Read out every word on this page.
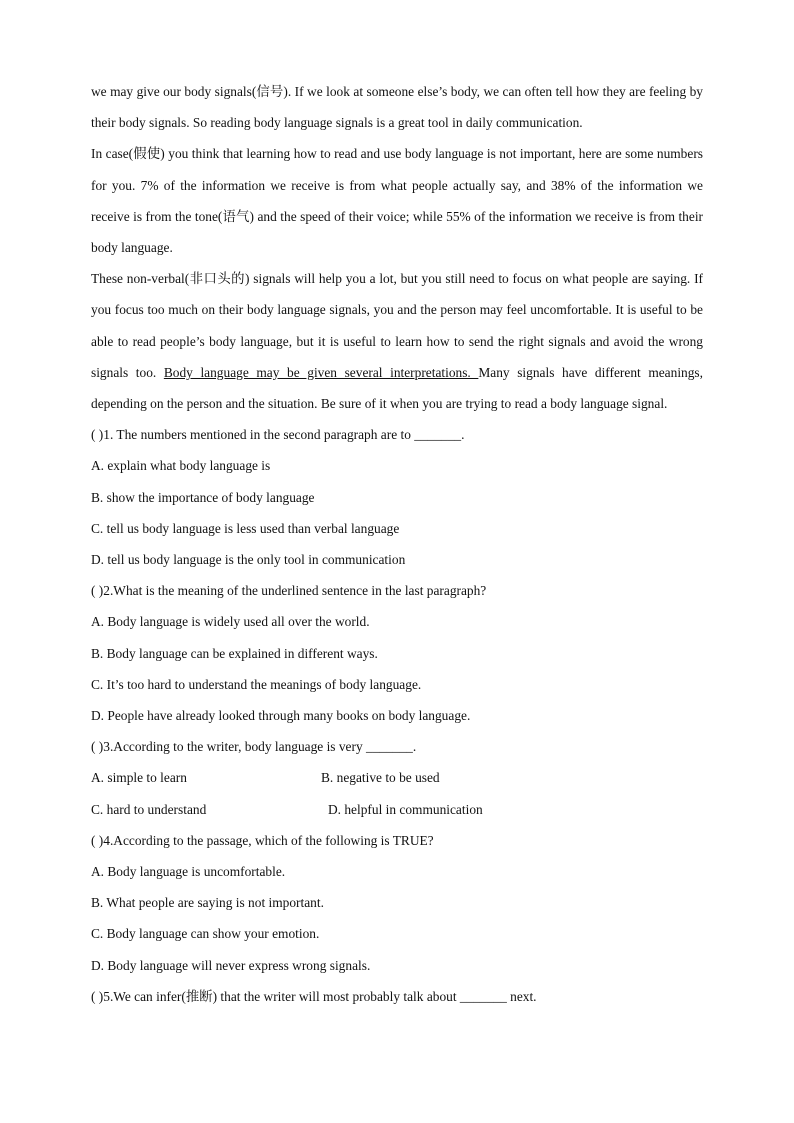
we may give our body signals(信号). If we look at someone else’s body, we can often tell how they are feeling by their body signals. So reading body language signals is a great tool in daily communication.

In case(假使) you think that learning how to read and use body language is not important, here are some numbers for you. 7% of the information we receive is from what people actually say, and 38% of the information we receive is from the tone(语气) and the speed of their voice; while 55% of the information we receive is from their body language.

These non-verbal(非口头的) signals will help you a lot, but you still need to focus on what people are saying. If you focus too much on their body language signals, you and the person may feel uncomfortable. It is useful to be able to read people’s body language, but it is useful to learn how to send the right signals and avoid the wrong signals too. Body language may be given several interpretations. Many signals have different meanings, depending on the person and the situation. Be sure of it when you are trying to read a body language signal.

( )1. The numbers mentioned in the second paragraph are to _______.

A. explain what body language is

B. show the importance of body language

C. tell us body language is less used than verbal language

D. tell us body language is the only tool in communication

( )2.What is the meaning of the underlined sentence in the last paragraph?

A. Body language is widely used all over the world.

B. Body language can be explained in different ways.

C. It’s too hard to understand the meanings of body language.

D. People have already looked through many books on body language.

( )3.According to the writer, body language is very _______.

A. simple to learn	B. negative to be used
C. hard to understand	D. helpful in communication

( )4.According to the passage, which of the following is TRUE?

A. Body language is uncomfortable.

B. What people are saying is not important.

C. Body language can show your emotion.

D. Body language will never express wrong signals.

( )5.We can infer(推断) that the writer will most probably talk about _______ next.
